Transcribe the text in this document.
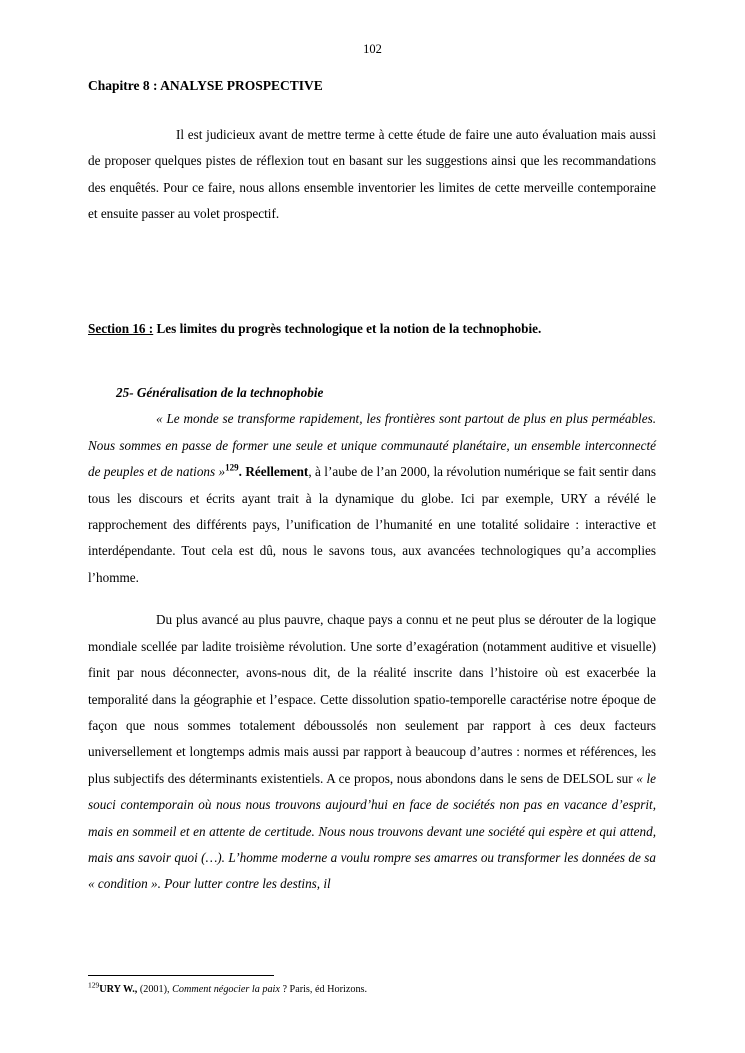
102
Chapitre 8 : ANALYSE PROSPECTIVE

Il est judicieux avant de mettre terme à cette étude de faire une auto évaluation mais aussi de proposer quelques pistes de réflexion tout en basant sur les suggestions ainsi que les recommandations des enquêtés. Pour ce faire, nous allons ensemble inventorier les limites de cette merveille contemporaine et ensuite passer au volet prospectif.

Section 16 : Les limites du progrès technologique et la notion de la technophobie.

25- Généralisation de la technophobie

« Le monde se transforme rapidement, les frontières sont partout de plus en plus perméables. Nous sommes en passe de former une seule et unique communauté planétaire, un ensemble interconnecté de peuples et de nations »$^{129}$. Réellement, à l’aube de l’an 2000, la révolution numérique se fait sentir dans tous les discours et écrits ayant trait à la dynamique du globe. Ici par exemple, URY a révélé le rapprochement des différents pays, l’unification de l’humanité en une totalité solidaire : interactive et interdépendante. Tout cela est dû, nous le savons tous, aux avancées technologiques qu’a accomplies l’homme.

Du plus avancé au plus pauvre, chaque pays a connu et ne peut plus se dérouter de la logique mondiale scellée par ladite troisième révolution. Une sorte d’exagération (notamment auditive et visuelle) finit par nous déconnecter, avons-nous dit, de la réalité inscrite dans l’histoire où est exacerbée la temporalité dans la géographie et l’espace. Cette dissolution spatio-temporelle caractérise notre époque de façon que nous sommes totalement déboussolés non seulement par rapport à ces deux facteurs universellement et longtemps admis mais aussi par rapport à beaucoup d’autres : normes et références, les plus subjectifs des déterminants existentiels. A ce propos, nous abondons dans le sens de DELSOL sur « le souci contemporain où nous nous trouvons aujourd’hui en face de sociétés non pas en vacance d’esprit, mais en sommeil et en attente de certitude. Nous nous trouvons devant une société qui espère et qui attend, mais ans savoir quoi (…). L’homme moderne a voulu rompre ses amarres ou transformer les données de sa « condition ». Pour lutter contre les destins, il

$^{129}$URY W., (2001), Comment négocier la paix ? Paris, éd Horizons.
